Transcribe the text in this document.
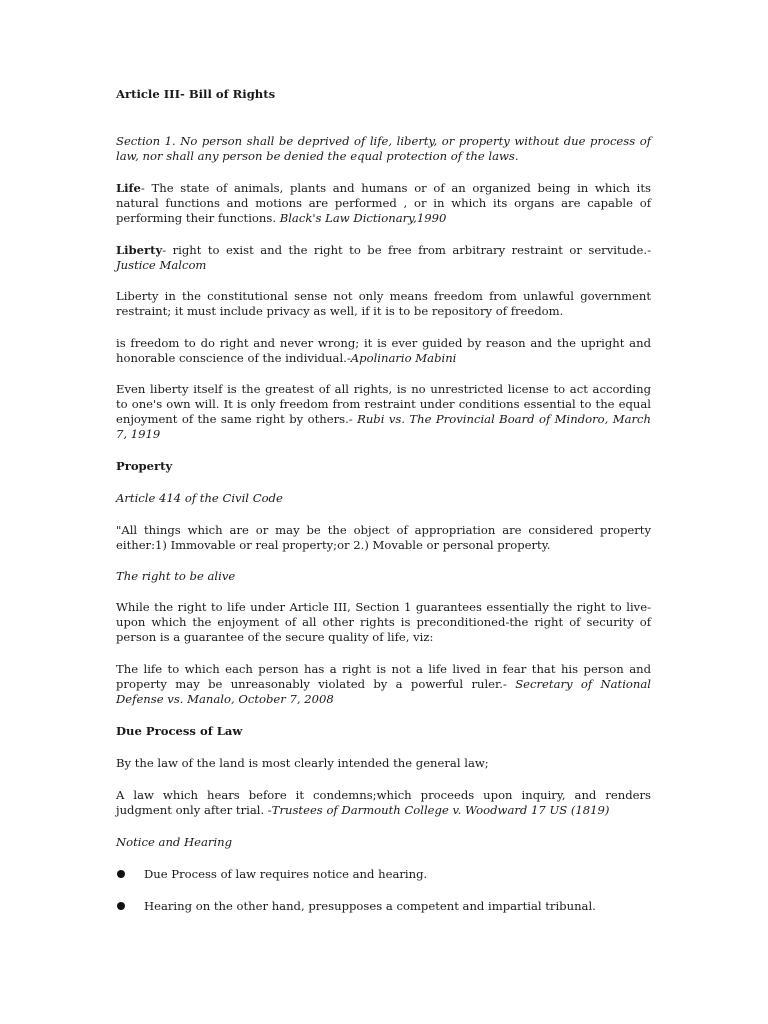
Article III- Bill of Rights

Section 1. No person shall be deprived of life, liberty, or property without due process of law, nor shall any person be denied the equal protection of the laws.

Life- The state of animals, plants and humans or of an organized being in which its natural functions and motions are performed , or in which its organs are capable of performing their functions. Black's Law Dictionary,1990

Liberty- right to exist and the right to be free from arbitrary restraint or servitude.- Justice Malcom

Liberty in the constitutional sense not only means freedom from unlawful government restraint; it must include privacy as well, if it is to be repository of freedom.

is freedom to do right and never wrong; it is ever guided by reason and the upright and honorable conscience of the individual.-Apolinario Mabini

Even liberty itself is the greatest of all rights, is no unrestricted license to act according to one's own will. It is only freedom from restraint under conditions essential to the equal enjoyment of the same right by others.- Rubi vs. The Provincial Board of Mindoro, March 7, 1919

Property

Article 414 of the Civil Code

"All things which are or may be the object of appropriation are considered property either:1) Immovable or real property;or 2.) Movable or personal property.

The right to be alive

While the right to life under Article III, Section 1 guarantees essentially the right to live-upon which the enjoyment of all other rights is preconditioned-the right of security of person is a guarantee of the secure quality of life, viz:

The life to which each person has a right is not a life lived in fear that his person and property may be unreasonably violated by a powerful ruler.- Secretary of National Defense vs. Manalo, October 7, 2008

Due Process of Law

By the law of the land is most clearly intended the general law;

A law which hears before it condemns;which proceeds upon inquiry, and renders judgment only after trial. -Trustees of Darmouth College v. Woodward 17 US (1819)

Notice and Hearing

Due Process of law requires notice and hearing.
Hearing on the other hand, presupposes a competent and impartial tribunal.
